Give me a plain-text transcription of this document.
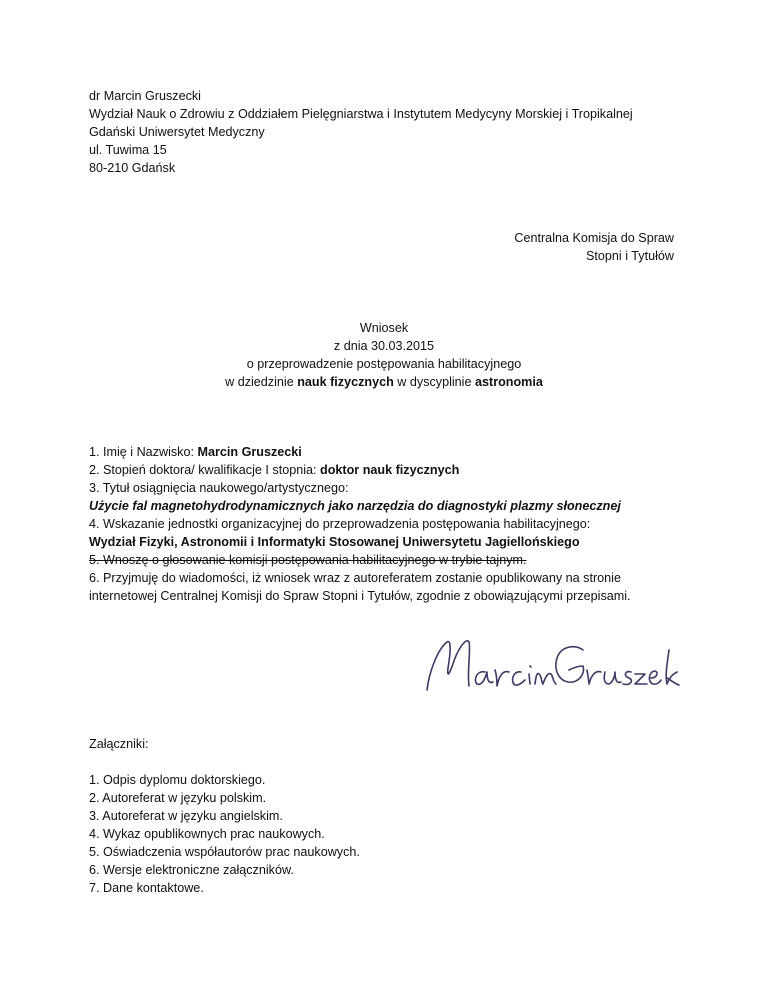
dr Marcin Gruszecki
Wydział Nauk o Zdrowiu z Oddziałem Pielęgniarstwa i Instytutem Medycyny Morskiej i Tropikalnej
Gdański Uniwersytet Medyczny
ul. Tuwima 15
80-210 Gdańsk
Centralna Komisja do Spraw
Stopni i Tytułów
Wniosek
z dnia 30.03.2015
o przeprowadzenie postępowania habilitacyjnego
w dziedzinie nauk fizycznych w dyscyplinie astronomia
1. Imię i Nazwisko: Marcin Gruszecki
2. Stopień doktora/ kwalifikacje I stopnia: doktor nauk fizycznych
3. Tytuł osiągnięcia naukowego/artystycznego:
Użycie fal magnetohydrodynamicznych jako narzędzia do diagnostyki plazmy słonecznej
4. Wskazanie jednostki organizacyjnej do przeprowadzenia postępowania habilitacyjnego:
Wydział Fizyki, Astronomii i Informatyki Stosowanej Uniwersytetu Jagiellońskiego
5. Wnoszę o głosowanie komisji postępowania habilitacyjnego w trybie tajnym.
6. Przyjmuję do wiadomości, iż wniosek wraz z autoreferatem zostanie opublikowany na stronie
internetowej Centralnej Komisji do Spraw Stopni i Tytułów, zgodnie z obowiązującymi przepisami.
Załączniki:
1. Odpis dyplomu doktorskiego.
2. Autoreferat w języku polskim.
3. Autoreferat w języku angielskim.
4. Wykaz opublikownych prac naukowych.
5. Oświadczenia współautorów prac naukowych.
6. Wersje elektroniczne załączników.
7. Dane kontaktowe.
